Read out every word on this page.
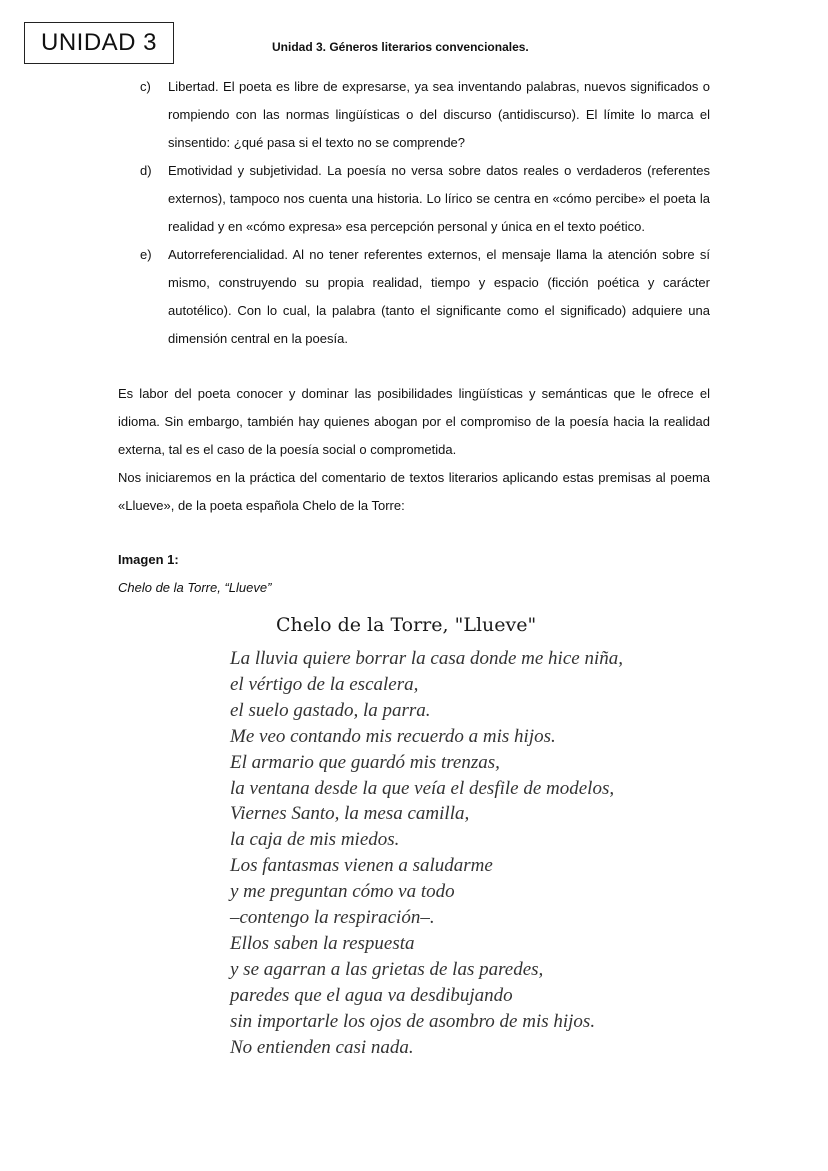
UNIDAD 3	Unidad 3. Géneros literarios convencionales.
c) Libertad. El poeta es libre de expresarse, ya sea inventando palabras, nuevos significados o rompiendo con las normas lingüísticas o del discurso (antidiscurso). El límite lo marca el sinsentido: ¿qué pasa si el texto no se comprende?
d) Emotividad y subjetividad. La poesía no versa sobre datos reales o verdaderos (referentes externos), tampoco nos cuenta una historia. Lo lírico se centra en «cómo percibe» el poeta la realidad y en «cómo expresa» esa percepción personal y única en el texto poético.
e) Autorreferencialidad. Al no tener referentes externos, el mensaje llama la atención sobre sí mismo, construyendo su propia realidad, tiempo y espacio (ficción poética y carácter autotélico). Con lo cual, la palabra (tanto el significante como el significado) adquiere una dimensión central en la poesía.

Es labor del poeta conocer y dominar las posibilidades lingüísticas y semánticas que le ofrece el idioma. Sin embargo, también hay quienes abogan por el compromiso de la poesía hacia la realidad externa, tal es el caso de la poesía social o comprometida.

Nos iniciaremos en la práctica del comentario de textos literarios aplicando estas premisas al poema «Llueve», de la poeta española Chelo de la Torre:

Imagen 1:
Chelo de la Torre, “Llueve”
Chelo de la Torre, "Llueve"
La lluvia quiere borrar la casa donde me hice niña,
el vértigo de la escalera,
el suelo gastado, la parra.
Me veo contando mis recuerdo a mis hijos.
El armario que guardó mis trenzas,
la ventana desde la que veía el desfile de modelos,
Viernes Santo, la mesa camilla,
la caja de mis miedos.
Los fantasmas vienen a saludarme
y me preguntan cómo va todo
–contengo la respiración–.
Ellos saben la respuesta
y se agarran a las grietas de las paredes,
paredes que el agua va desdibujando
sin importarle los ojos de asombro de mis hijos.
No entienden casi nada.
